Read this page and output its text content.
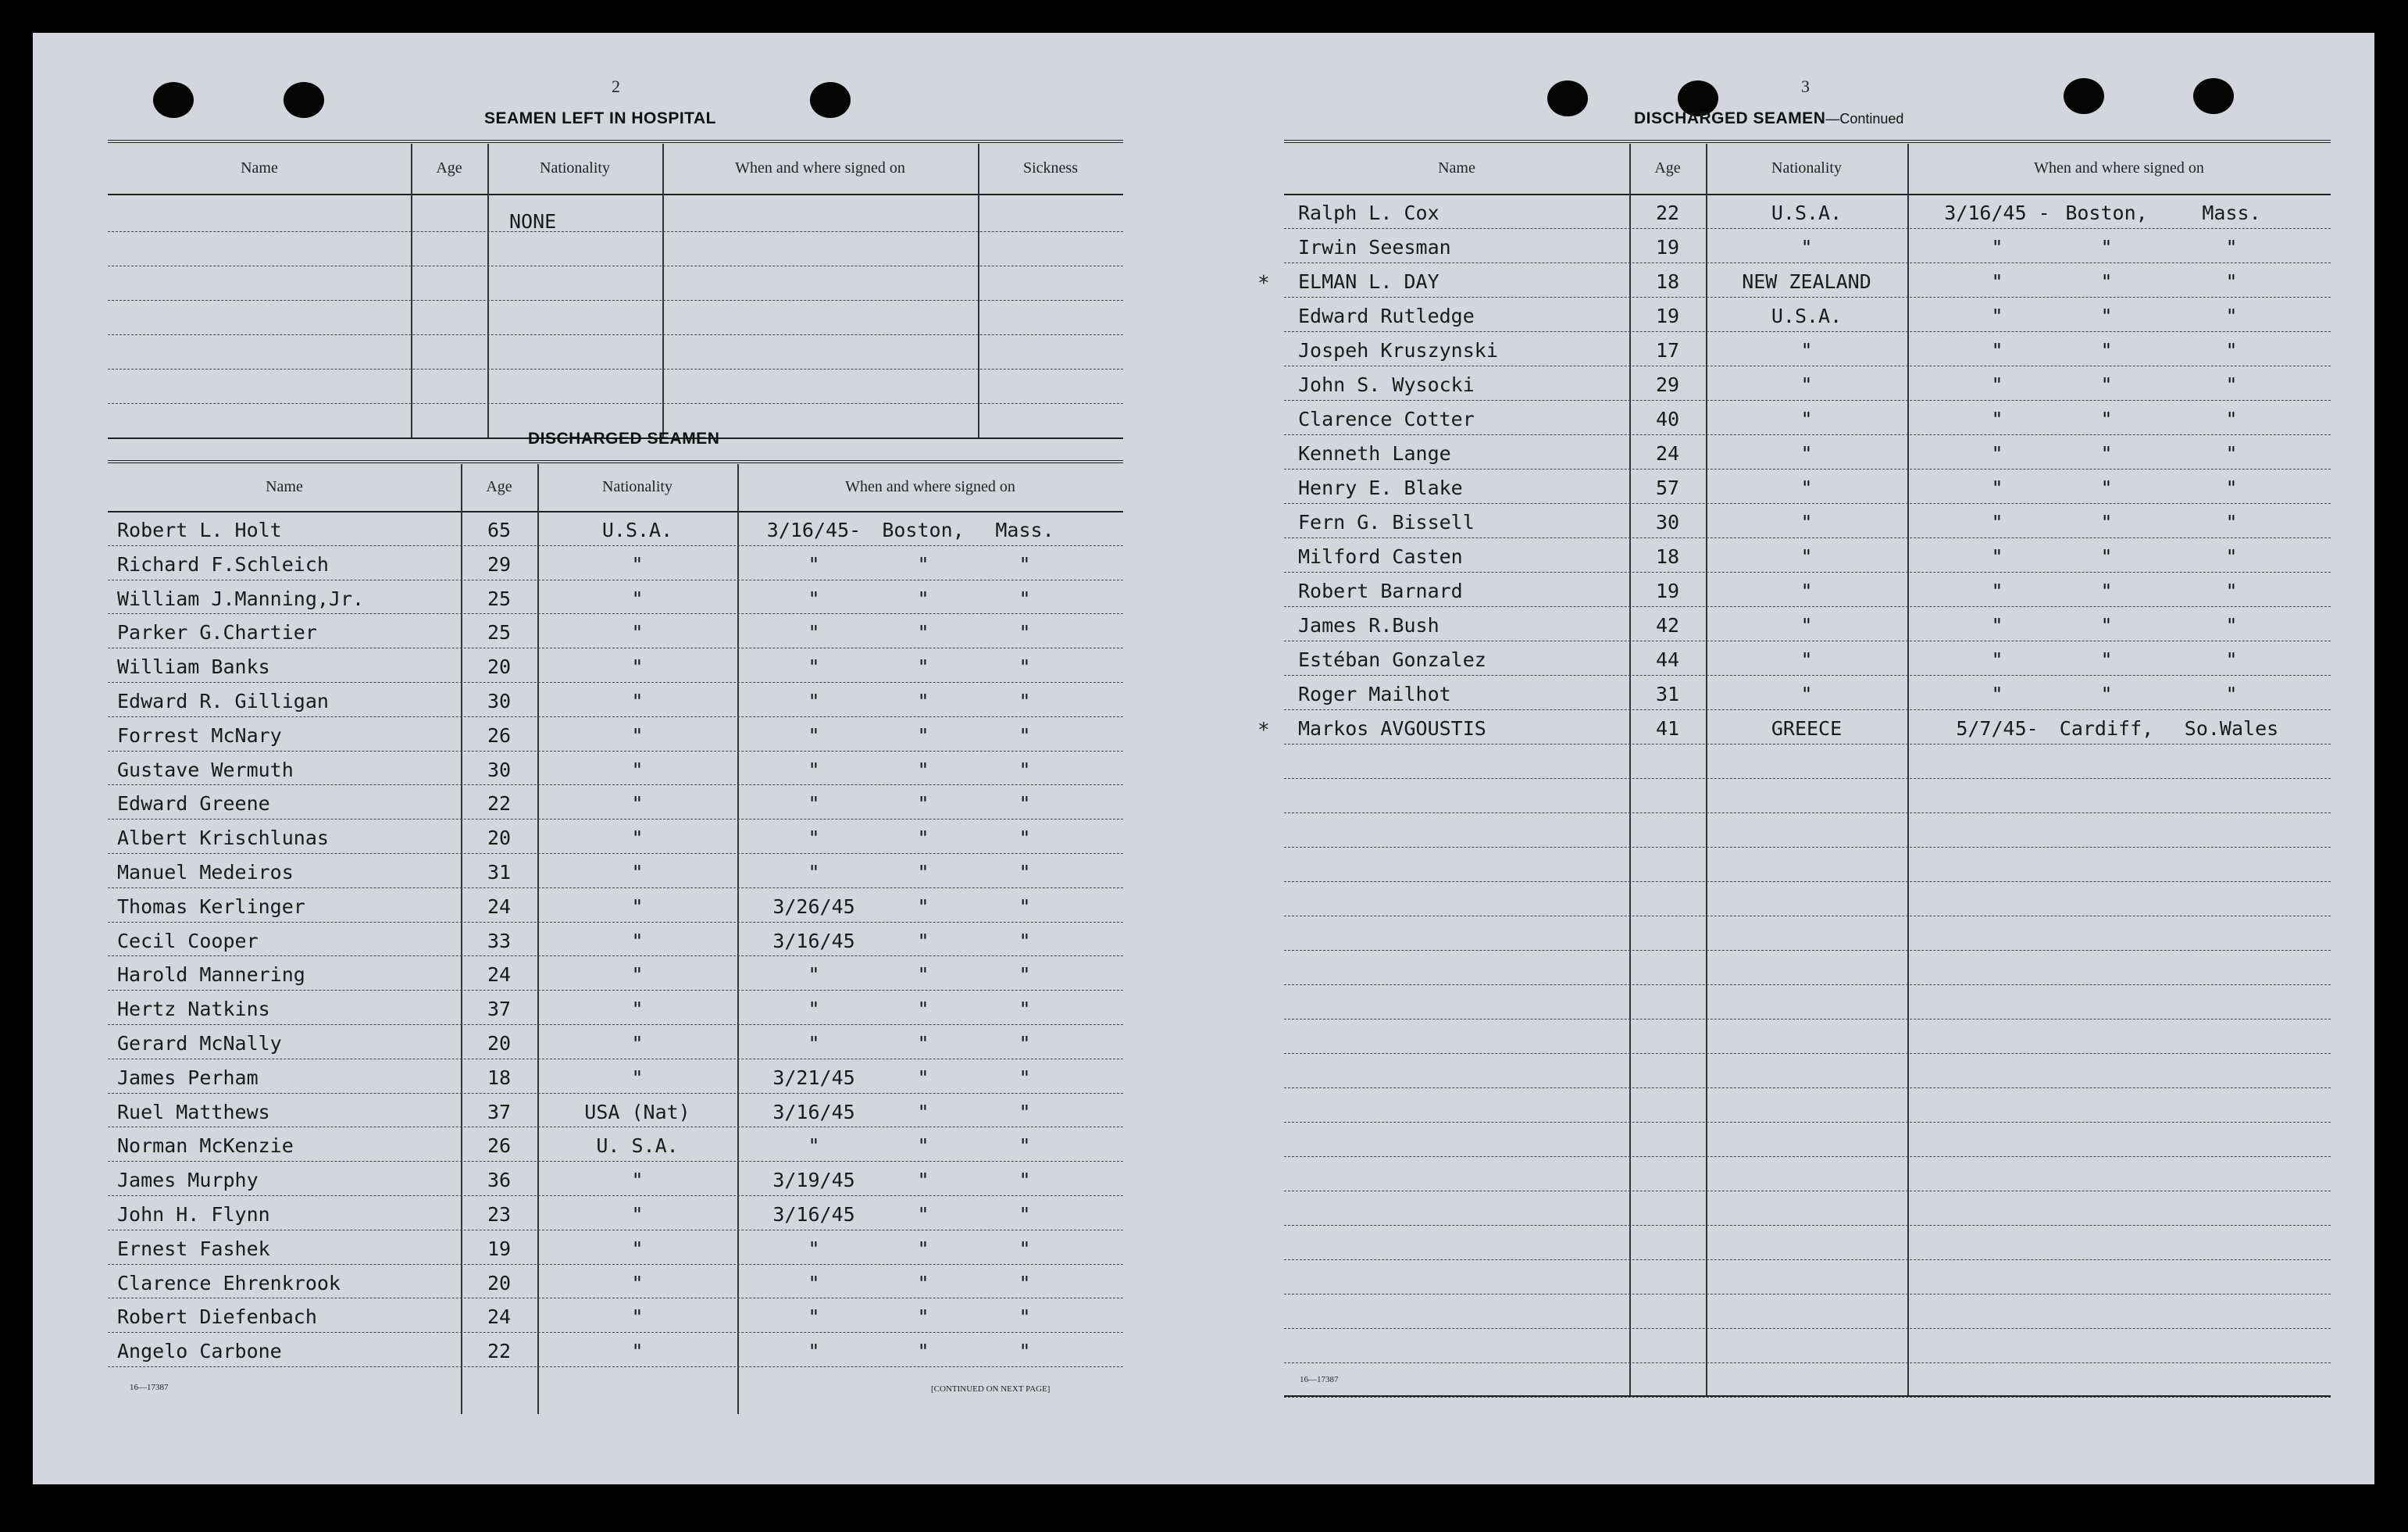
2
SEAMEN LEFT IN HOSPITAL
Name	Age	Nationality	When and where signed on	Sickness
NONE
DISCHARGED SEAMEN
Name	Age	Nationality	When and where signed on
Robert L. Holt	65	U.S.A.	3/16/45-	Boston,	Mass.
Richard F.Schleich	29	"	"	"	"
William J.Manning,Jr.	25	"	"	"	"
Parker G.Chartier	25	"	"	"	"
William Banks	20	"	"	"	"
Edward R. Gilligan	30	"	"	"	"
Forrest McNary	26	"	"	"	"
Gustave Wermuth	30	"	"	"	"
Edward Greene	22	"	"	"	"
Albert Krischlunas	20	"	"	"	"
Manuel Medeiros	31	"	"	"	"
Thomas Kerlinger	24	"	3/26/45	"	"
Cecil Cooper	33	"	3/16/45	"	"
Harold Mannering	24	"	"	"	"
Hertz Natkins	37	"	"	"	"
Gerard McNally	20	"	"	"	"
James Perham	18	"	3/21/45	"	"
Ruel Matthews	37	USA (Nat)	3/16/45	"	"
Norman McKenzie	26	U. S.A.	"	"	"
James Murphy	36	"	3/19/45	"	"
John H. Flynn	23	"	3/16/45	"	"
Ernest Fashek	19	"	"	"	"
Clarence Ehrenkrook	20	"	"	"	"
Robert Diefenbach	24	"	"	"	"
Angelo Carbone	22	"	"	"	"
16—17387	[CONTINUED ON NEXT PAGE]
3
DISCHARGED SEAMEN—Continued
Name	Age	Nationality	When and where signed on
Ralph L. Cox	22	U.S.A.	3/16/45 - Boston,	Mass.
Irwin Seesman	19	"	"	"	"
* ELMAN L. DAY	18	NEW ZEALAND	"	"	"
Edward Rutledge	19	U.S.A.	"	"	"
Jospeh Kruszynski	17	"	"	"	"
John S. Wysocki	29	"	"	"	"
Clarence Cotter	40	"	"	"	"
Kenneth Lange	24	"	"	"	"
Henry E. Blake	57	"	"	"	"
Fern G. Bissell	30	"	"	"	"
Milford Casten	18	"	"	"	"
Robert Barnard	19	"	"	"	"
James R.Bush	42	"	"	"	"
Estéban Gonzalez	44	"	"	"	"
Roger Mailhot	31	"	"	"	"
* Markos AVGOUSTIS	41	GREECE	5/7/45-	Cardiff,	So.Wales
16—17387
